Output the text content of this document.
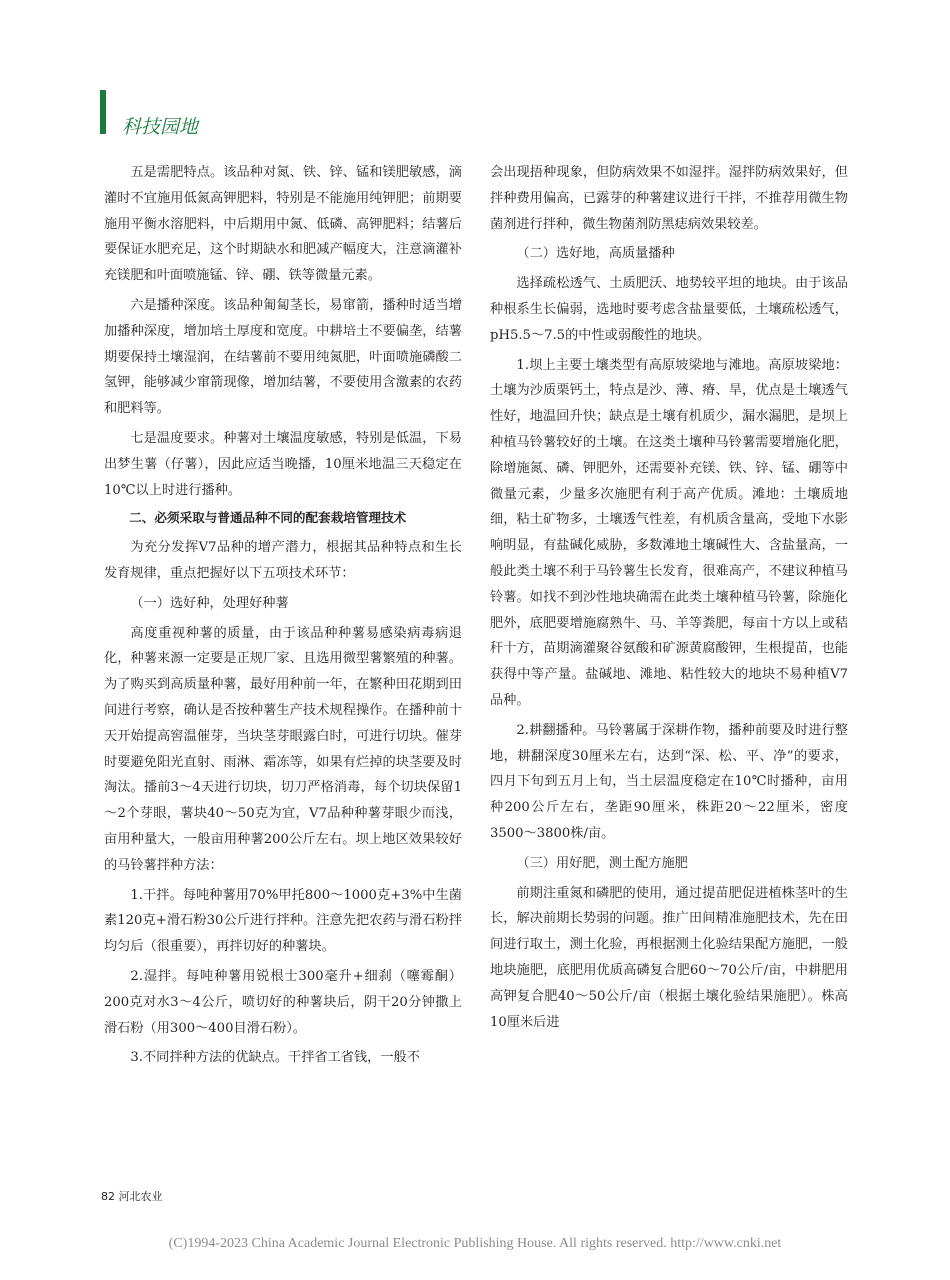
科技园地

五是需肥特点。该品种对氮、铁、锌、锰和镁肥敏感，滴灌时不宜施用低氮高钾肥料，特别是不能施用纯钾肥；前期要施用平衡水溶肥料，中后期用中氮、低磷、高钾肥料；结薯后要保证水肥充足，这个时期缺水和肥减产幅度大，注意滴灌补充镁肥和叶面喷施锰、锌、硼、铁等微量元素。

六是播种深度。该品种匍匐茎长，易窜箭，播种时适当增加播种深度，增加培土厚度和宽度。中耕培土不要偏垄，结薯期要保持土壤湿润，在结薯前不要用纯氮肥，叶面喷施磷酸二氢钾，能够减少窜箭现像，增加结薯，不要使用含激素的农药和肥料等。

七是温度要求。种薯对土壤温度敏感，特别是低温，下易出梦生薯（仔薯），因此应适当晚播，10厘米地温三天稳定在10℃以上时进行播种。

二、必须采取与普通品种不同的配套栽培管理技术

为充分发挥V7品种的增产潜力，根据其品种特点和生长发育规律，重点把握好以下五项技术环节：

（一）选好种，处理好种薯

高度重视种薯的质量，由于该品种种薯易感染病毒病退化，种薯来源一定要是正规厂家、且选用微型薯繁殖的种薯。为了购买到高质量种薯，最好用种前一年，在繁种田花期到田间进行考察，确认是否按种薯生产技术规程操作。在播种前十天开始提高窖温催芽，当块茎芽眼露白时，可进行切块。催芽时要避免阳光直射、雨淋、霜冻等，如果有烂掉的块茎要及时淘汰。播前3～4天进行切块，切刀严格消毒，每个切块保留1～2个芽眼，薯块40～50克为宜，V7品种种薯芽眼少而浅，亩用种量大，一般亩用种薯200公斤左右。坝上地区效果较好的马铃薯拌种方法：

1.干拌。每吨种薯用70%甲托800～1000克+3%中生菌素120克+滑石粉30公斤进行拌种。注意先把农药与滑石粉拌均匀后（很重要），再拌切好的种薯块。

2.湿拌。每吨种薯用锐根士300毫升+细刹（噻霉酮）200克对水3～4公斤，喷切好的种薯块后，阴干20分钟撒上滑石粉（用300～400目滑石粉）。

3.不同拌种方法的优缺点。干拌省工省钱，一般不

会出现捂种现象，但防病效果不如湿拌。湿拌防病效果好，但拌种费用偏高，已露芽的种薯建议进行干拌，不推荐用微生物菌剂进行拌种，微生物菌剂防黑痣病效果较差。

（二）选好地，高质量播种

选择疏松透气、土质肥沃、地势较平坦的地块。由于该品种根系生长偏弱，选地时要考虑含盐量要低，土壤疏松透气，pH5.5～7.5的中性或弱酸性的地块。

1.坝上主要土壤类型有高原坡梁地与滩地。高原坡梁地：土壤为沙质栗钙土，特点是沙、薄、瘠、旱，优点是土壤透气性好，地温回升快；缺点是土壤有机质少，漏水漏肥，是坝上种植马铃薯较好的土壤。在这类土壤种马铃薯需要增施化肥，除增施氮、磷、钾肥外，还需要补充镁、铁、锌、锰、硼等中微量元素，少量多次施肥有利于高产优质。滩地：土壤质地细，粘土矿物多，土壤透气性差，有机质含量高，受地下水影响明显，有盐碱化威胁，多数滩地土壤碱性大、含盐量高，一般此类土壤不利于马铃薯生长发育，很难高产，不建议种植马铃薯。如找不到沙性地块确需在此类土壤种植马铃薯，除施化肥外，底肥要增施腐熟牛、马、羊等粪肥，每亩十方以上或秸秆十方，苗期滴灌聚谷氨酸和矿源黄腐酸钾，生根提苗，也能获得中等产量。盐碱地、滩地、粘性较大的地块不易种植V7品种。

2.耕翻播种。马铃薯属于深耕作物，播种前要及时进行整地，耕翻深度30厘米左右，达到“深、松、平、净”的要求，四月下旬到五月上旬，当土层温度稳定在10℃时播种，亩用种200公斤左右，垄距90厘米，株距20～22厘米，密度3500～3800株/亩。

（三）用好肥，测土配方施肥

前期注重氮和磷肥的使用，通过提苗肥促进植株茎叶的生长，解决前期长势弱的问题。推广田间精准施肥技术，先在田间进行取土，测土化验，再根据测土化验结果配方施肥，一般地块施肥，底肥用优质高磷复合肥60～70公斤/亩，中耕肥用高钾复合肥40～50公斤/亩（根据土壤化验结果施肥）。株高10厘米后进

82 河北农业
(C)1994-2023 China Academic Journal Electronic Publishing House. All rights reserved. http://www.cnki.net
